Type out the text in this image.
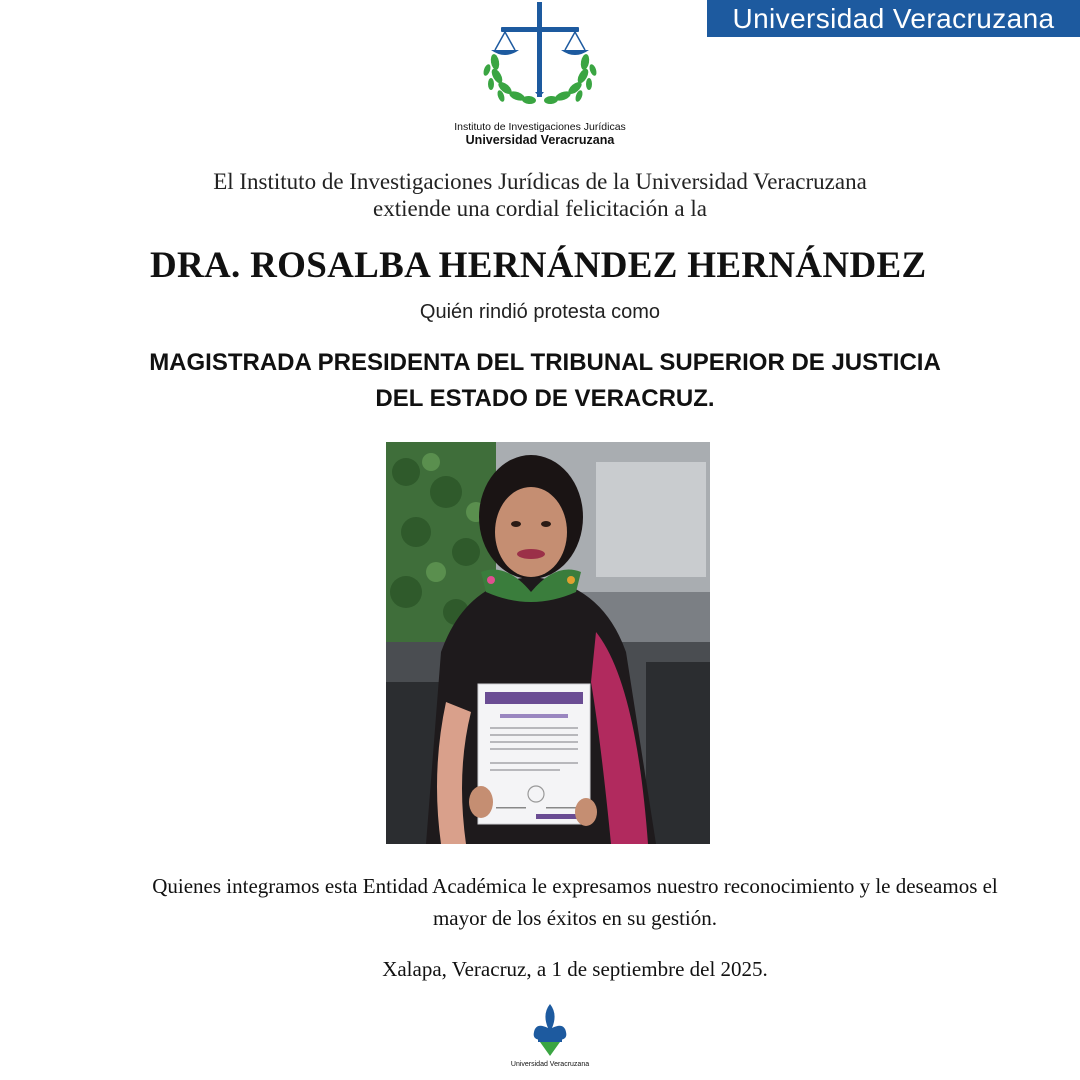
Universidad Veracruzana
Instituto de Investigaciones Jurídicas
Universidad Veracruzana
El Instituto de Investigaciones Jurídicas de la Universidad Veracruzana
extiende una cordial felicitación a la
DRA. ROSALBA HERNÁNDEZ HERNÁNDEZ
Quién rindió protesta como
MAGISTRADA PRESIDENTA DEL TRIBUNAL SUPERIOR DE JUSTICIA
DEL ESTADO DE VERACRUZ.
Quienes integramos esta Entidad Académica le expresamos nuestro reconocimiento y le deseamos el
mayor de los éxitos en su gestión.
Xalapa, Veracruz, a 1 de septiembre del 2025.
Universidad Veracruzana
